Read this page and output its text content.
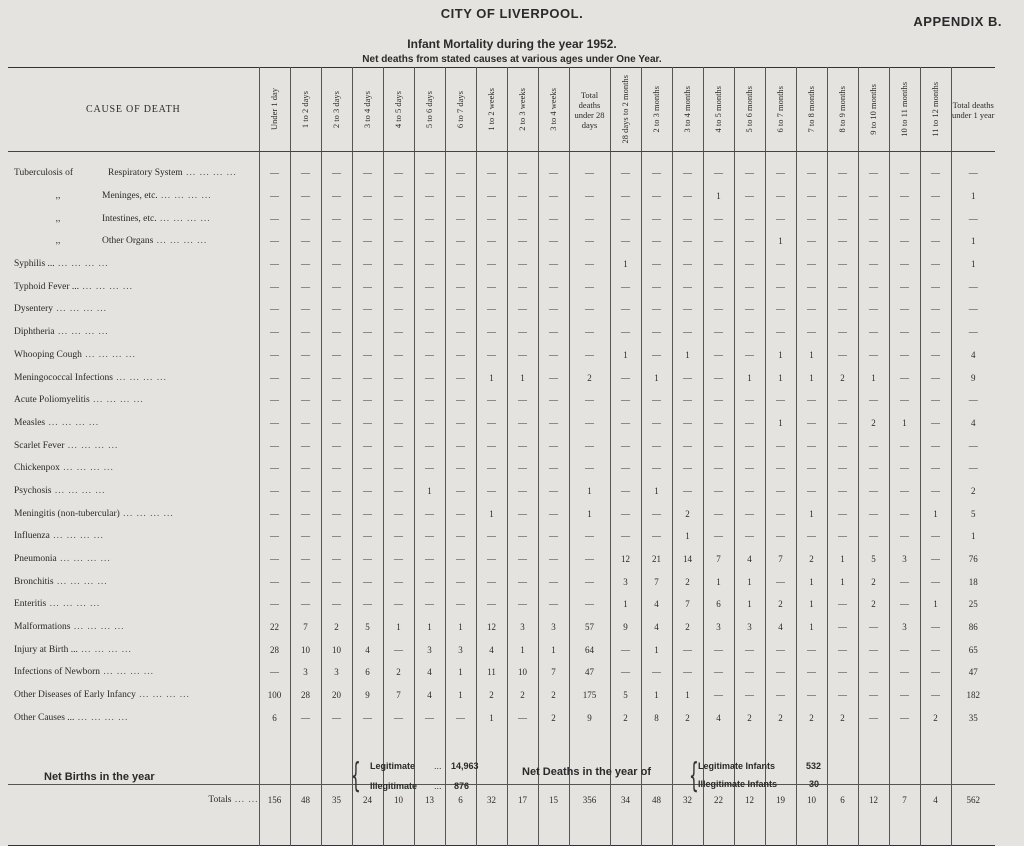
CITY OF LIVERPOOL.
APPENDIX B.
Infant Mortality during the year 1952.
Net deaths from stated causes at various ages under One Year.
CAUSE OF DEATH	Under 1 day	1 to 2 days	2 to 3 days	3 to 4 days	4 to 5 days	5 to 6 days	6 to 7 days	1 to 2 weeks	2 to 3 weeks	3 to 4 weeks	Total deaths under 28 days	28 days to 2 months	2 to 3 months	3 to 4 months	4 to 5 months	5 to 6 months	6 to 7 months	7 to 8 months	8 to 9 months	9 to 10 months	10 to 11 months	11 to 12 months	Total deaths under 1 year

Tuberculosis of Respiratory System ... ... ... ...	—	—	—	—	—	—	—	—	—	—	—	—	—	—	—	—	—	—	—	—	—	—	—
,, Meninges, etc. ... ... ... ...	—	—	—	—	—	—	—	—	—	—	—	—	—	—	1	—	—	—	—	—	—	—	1
,, Intestines, etc. ... ... ... ...	—	—	—	—	—	—	—	—	—	—	—	—	—	—	—	—	—	—	—	—	—	—	—
,, Other Organs ... ... ... ...	—	—	—	—	—	—	—	—	—	—	—	—	—	—	—	—	1	—	—	—	—	—	1
Syphilis ... ... ... ... ...	—	—	—	—	—	—	—	—	—	—	—	1	—	—	—	—	—	—	—	—	—	—	1
Typhoid Fever ... ... ... ... ...	—	—	—	—	—	—	—	—	—	—	—	—	—	—	—	—	—	—	—	—	—	—	—
Dysentery ... ... ... ...	—	—	—	—	—	—	—	—	—	—	—	—	—	—	—	—	—	—	—	—	—	—	—
Diphtheria ... ... ... ...	—	—	—	—	—	—	—	—	—	—	—	—	—	—	—	—	—	—	—	—	—	—	—
Whooping Cough ... ... ... ...	—	—	—	—	—	—	—	—	—	—	—	1	—	1	—	—	1	1	—	—	—	—	4
Meningococcal Infections ... ... ... ...	—	—	—	—	—	—	—	1	1	—	2	—	1	—	—	1	1	1	2	1	—	—	9
Acute Poliomyelitis ... ... ... ...	—	—	—	—	—	—	—	—	—	—	—	—	—	—	—	—	—	—	—	—	—	—	—
Measles ... ... ... ...	—	—	—	—	—	—	—	—	—	—	—	—	—	—	—	—	1	—	—	2	1	—	4
Scarlet Fever ... ... ... ...	—	—	—	—	—	—	—	—	—	—	—	—	—	—	—	—	—	—	—	—	—	—	—
Chickenpox ... ... ... ...	—	—	—	—	—	—	—	—	—	—	—	—	—	—	—	—	—	—	—	—	—	—	—
Psychosis ... ... ... ...	—	—	—	—	—	1	—	—	—	—	1	—	1	—	—	—	—	—	—	—	—	—	2
Meningitis (non-tubercular) ... ... ... ...	—	—	—	—	—	—	—	1	—	—	1	—	—	2	—	—	—	1	—	—	—	1	5
Influenza ... ... ... ...	—	—	—	—	—	—	—	—	—	—	—	—	—	1	—	—	—	—	—	—	—	—	1
Pneumonia ... ... ... ...	—	—	—	—	—	—	—	—	—	—	—	12	21	14	7	4	7	2	1	5	3	—	76
Bronchitis ... ... ... ...	—	—	—	—	—	—	—	—	—	—	—	3	7	2	1	1	—	1	1	2	—	—	18
Enteritis ... ... ... ...	—	—	—	—	—	—	—	—	—	—	—	1	4	7	6	1	2	1	—	2	—	1	25
Malformations ... ... ... ...	22	7	2	5	1	1	1	12	3	3	57	9	4	2	3	3	4	1	—	—	3	—	86
Injury at Birth ... ... ... ... ...	28	10	10	4	—	3	3	4	1	1	64	—	1	—	—	—	—	—	—	—	—	—	65
Infections of Newborn ... ... ... ...	—	3	3	6	2	4	1	11	10	7	47	—	—	—	—	—	—	—	—	—	—	—	47
Other Diseases of Early Infancy ... ... ... ...	100	28	20	9	7	4	1	2	2	2	175	5	1	1	—	—	—	—	—	—	—	—	182
Other Causes ... ... ... ... ...	6	—	—	—	—	—	—	1	—	2	9	2	8	2	4	2	2	2	2	—	—	2	35

Totals ... ...	156	48	35	24	10	13	6	32	17	15	356	34	48	32	22	12	19	10	6	12	7	4	562

Net Births in the year	{ Legitimate ... 14,963
Illegitimate ... 876
Net Deaths in the year of { Legitimate Infants	532
Illegitimate Infants	30
